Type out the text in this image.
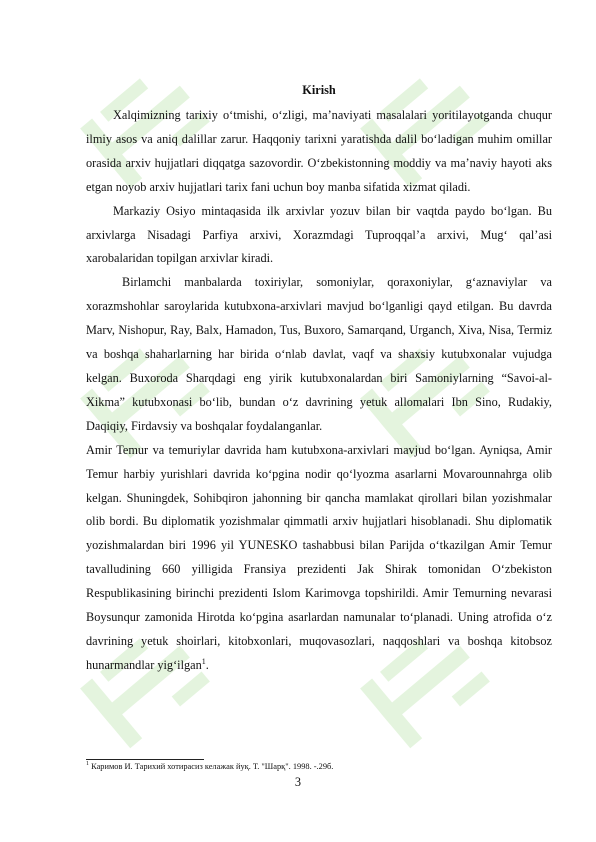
Kirish

Xalqimizning tarixiy o‘tmishi, o‘zligi, ma’naviyati masalalari yoritilayotganda chuqur ilmiy asos va aniq dalillar zarur. Haqqoniy tarixni yaratishda dalil bo‘ladigan muhim omillar orasida arxiv hujjatlari diqqatga sazovordir. O‘zbekistonning moddiy va ma’naviy hayoti aks etgan noyob arxiv hujjatlari tarix fani uchun boy manba sifatida xizmat qiladi.

Markaziy Osiyo mintaqasida ilk arxivlar yozuv bilan bir vaqtda paydo bo‘lgan. Bu arxivlarga Nisadagi Parfiya arxivi, Xorazmdagi Tuproqqal’a arxivi, Mug‘ qal’asi xarobalaridan topilgan arxivlar kiradi.

Birlamchi manbalarda toxiriylar, somoniylar, qoraxoniylar, g‘aznaviylar va xorazmshohlar saroylarida kutubxona-arxivlari mavjud bo‘lganligi qayd etilgan. Bu davrda Marv, Nishopur, Ray, Balx, Hamadon, Tus, Buxoro, Samarqand, Urganch, Xiva, Nisa, Termiz va boshqa shaharlarning har birida o‘nlab davlat, vaqf va shaxsiy kutubxonalar vujudga kelgan. Buxoroda Sharqdagi eng yirik kutubxonalardan biri Samoniylarning “Savoi-al-Xikma” kutubxonasi bo‘lib, bundan o‘z davrining yetuk allomalari Ibn Sino, Rudakiy, Daqiqiy, Firdavsiy va boshqalar foydalanganlar.

Amir Temur va temuriylar davrida ham kutubxona-arxivlari mavjud bo‘lgan. Ayniqsa, Amir Temur harbiy yurishlari davrida ko‘pgina nodir qo‘lyozma asarlarni Movarounnahrga olib kelgan. Shuningdek, Sohibqiron jahonning bir qancha mamlakat qirollari bilan yozishmalar olib bordi. Bu diplomatik yozishmalar qimmatli arxiv hujjatlari hisoblanadi. Shu diplomatik yozishmalardan biri 1996 yil YUNESKO tashabbusi bilan Parijda o‘tkazilgan Amir Temur tavalludining 660 yilligida Fransiya prezidenti Jak Shirak tomonidan O‘zbekiston Respublikasining birinchi prezidenti Islom Karimovga topshirildi. Amir Temurning nevarasi Boysunqur zamonida Hirotda ko‘pgina asarlardan namunalar to‘planadi. Uning atrofida o‘z davrining yetuk shoirlari, kitobxonlari, muqovasozlari, naqqoshlari va boshqa kitobsoz hunarmandlar yig‘ilgan$^1$.

$^1$ Каримов И. Тарихий хотирасиз келажак йуқ. Т. "Шарқ". 1998. -.29б.
3
